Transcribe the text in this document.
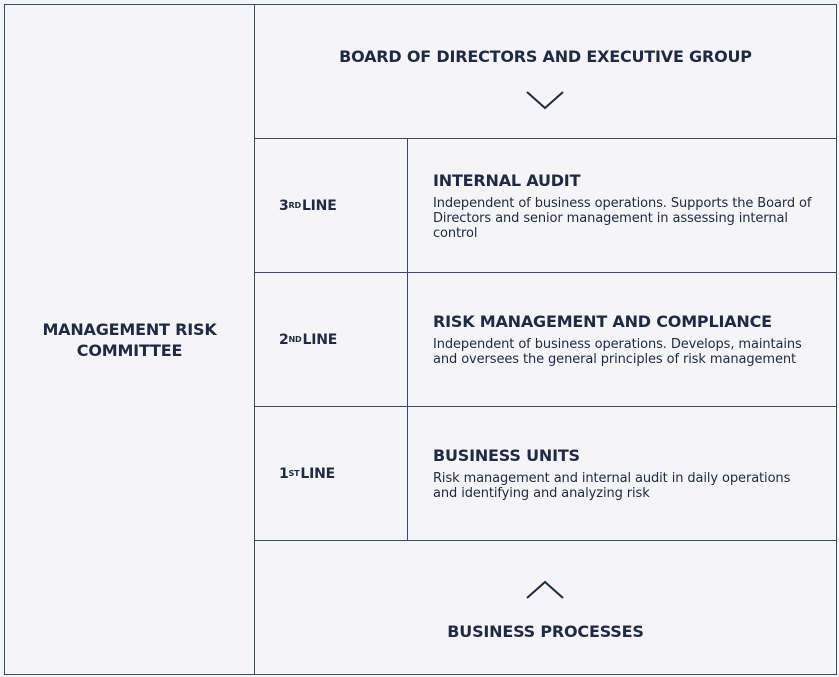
MANAGEMENT RISK COMMITTEE
BOARD OF DIRECTORS AND EXECUTIVE GROUP
3 RD LINE
INTERNAL AUDIT
Independent of business operations. Supports the Board of Directors and senior management in assessing internal control
2 ND LINE
RISK MANAGEMENT AND COMPLIANCE
Independent of business operations. Develops, maintains and oversees the general principles of risk management
1 ST LINE
BUSINESS UNITS
Risk management and internal audit in daily operations and identifying and analyzing risk
BUSINESS PROCESSES
